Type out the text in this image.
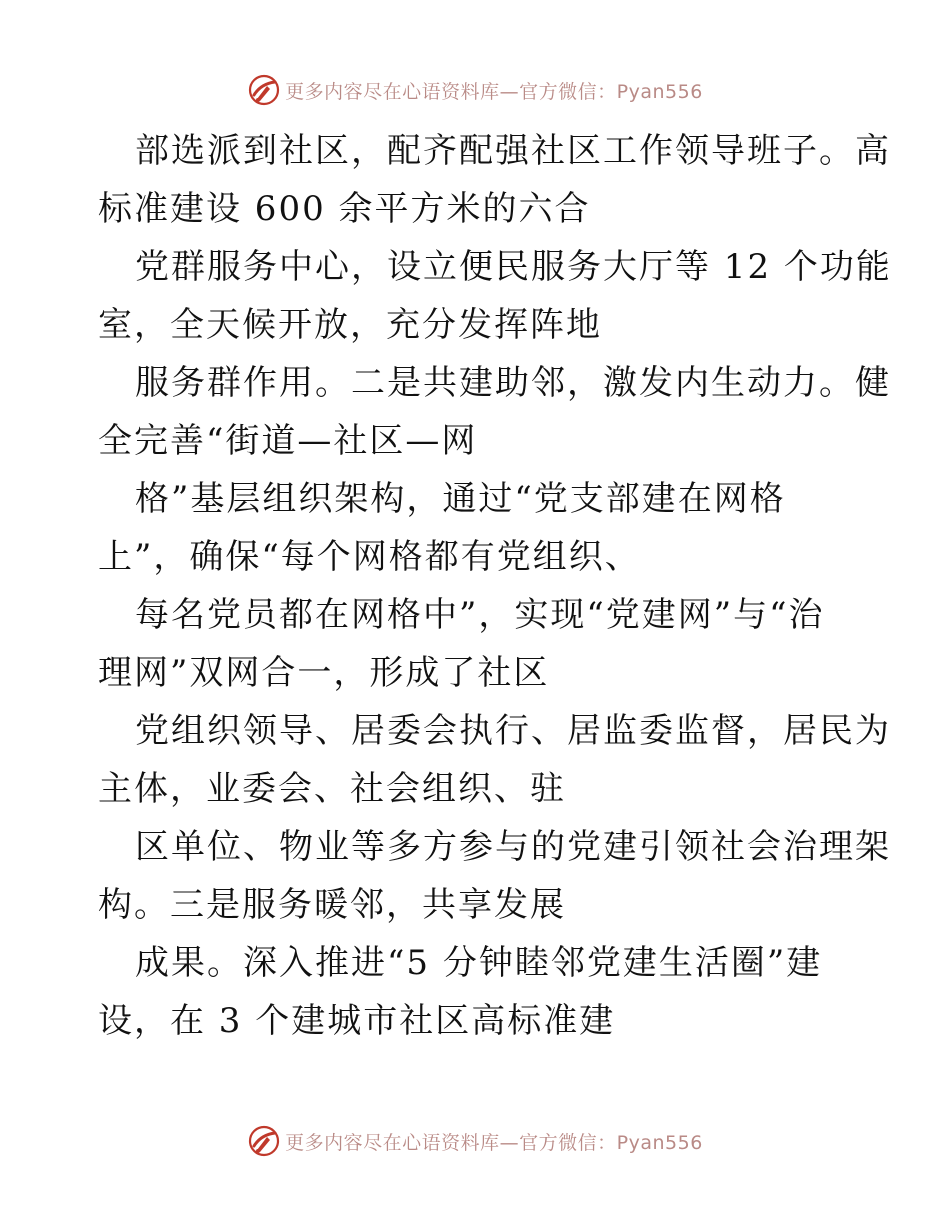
更多内容尽在心语资料库—官方微信：Pyan556
部选派到社区，配齐配强社区工作领导班子。高
标准建设 600 余平方米的六合
党群服务中心，设立便民服务大厅等 12 个功能
室，全天候开放，充分发挥阵地
服务群作用。二是共建助邻，激发内生动力。健
全完善“街道—社区—网
格”基层组织架构，通过“党支部建在网格
上”，确保“每个网格都有党组织、
每名党员都在网格中”，实现“党建网”与“治
理网”双网合一，形成了社区
党组织领导、居委会执行、居监委监督，居民为
主体，业委会、社会组织、驻
区单位、物业等多方参与的党建引领社会治理架
构。三是服务暖邻，共享发展
成果。深入推进“5 分钟睦邻党建生活圈”建
设，在 3 个建城市社区高标准建
更多内容尽在心语资料库—官方微信：Pyan556
